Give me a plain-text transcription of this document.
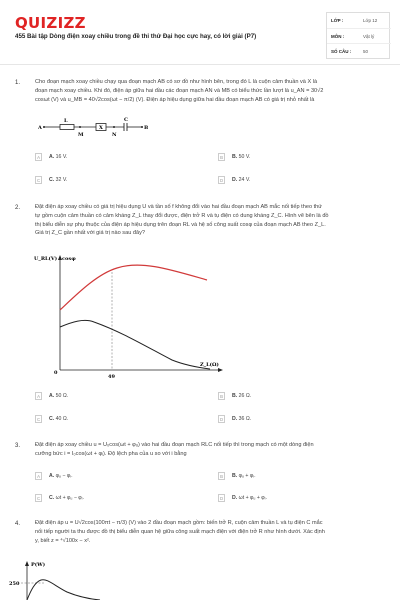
QUIZIZZ
455 Bài tập Dòng điện xoay chiều trong đề thi thử Đại học cực hay, có lời giải (P7)
LỚP :	Lớp 12
MÔN :	Vật lý
SỐ CÂU :	50
1.	Cho đoạn mạch xoay chiều chạy qua đoạn mạch AB có sơ đồ như hình bên, trong đó L là cuộn cảm thuần và X là
đoạn mạch xoay chiều. Khi đó, điện áp giữa hai đầu các đoạn mạch AN và MB có biểu thức lần lượt là u_AN = 30√2
cosωt (V) và u_MB = 40√2cos(ωt − π/2) (V). Điện áp hiệu dụng giữa hai đầu đoạn mạch AB có giá trị nhỏ nhất là
A
L
M
X
N
C
B
A	A. 16 V.	B	B. 50 V.
C	C. 32 V.	D	D. 24 V.
2.	Đặt điện áp xoay chiều có giá trị hiệu dụng U và tần số f không đổi vào hai đầu đoạn mạch AB mắc nối tiếp theo thứ
tự gồm cuộn cảm thuần có cảm kháng Z_L thay đổi được, điện trở R và tụ điện có dung kháng Z_C. Hình vẽ bên là đồ
thị biểu diễn sự phụ thuộc của điện áp hiệu dụng trên đoạn RL và hệ số công suất cosφ của đoạn mạch AB theo Z_L.
Giá trị Z_C gần nhất với giá trị nào sau đây?
U_RL(V) cosφ
Z_L(Ω)
0
49
A	A. 50 Ω.	B	B. 26 Ω.
C	C. 40 Ω.	D	D. 36 Ω.
3.	Đặt điện áp xoay chiều u = U₀cos(ωt + φᵤ) vào hai đầu đoạn mạch RLC nối tiếp thì trong mạch có một dòng điện
cưỡng bức i = I₀cos(ωt + φᵢ). Độ lệch pha của u so với i bằng
A	A. φᵤ − φᵢ.	B	B. φᵤ + φᵢ.
C	C. ωt + φᵤ − φᵢ.	D	D. ωt + φᵤ + φᵢ.
4.	Đặt điện áp u = U√2cos(100πt − π/3) (V) vào 2 đầu đoạn mạch gồm: biến trở R, cuộn cảm thuần L và tụ điện C mắc
nối tiếp người ta thu được đồ thị biểu diễn quan hệ giữa công suất mạch điện với điện trở R như hình dưới. Xác định
y, biết z = ⁴√100x − x².
P(W)
250
